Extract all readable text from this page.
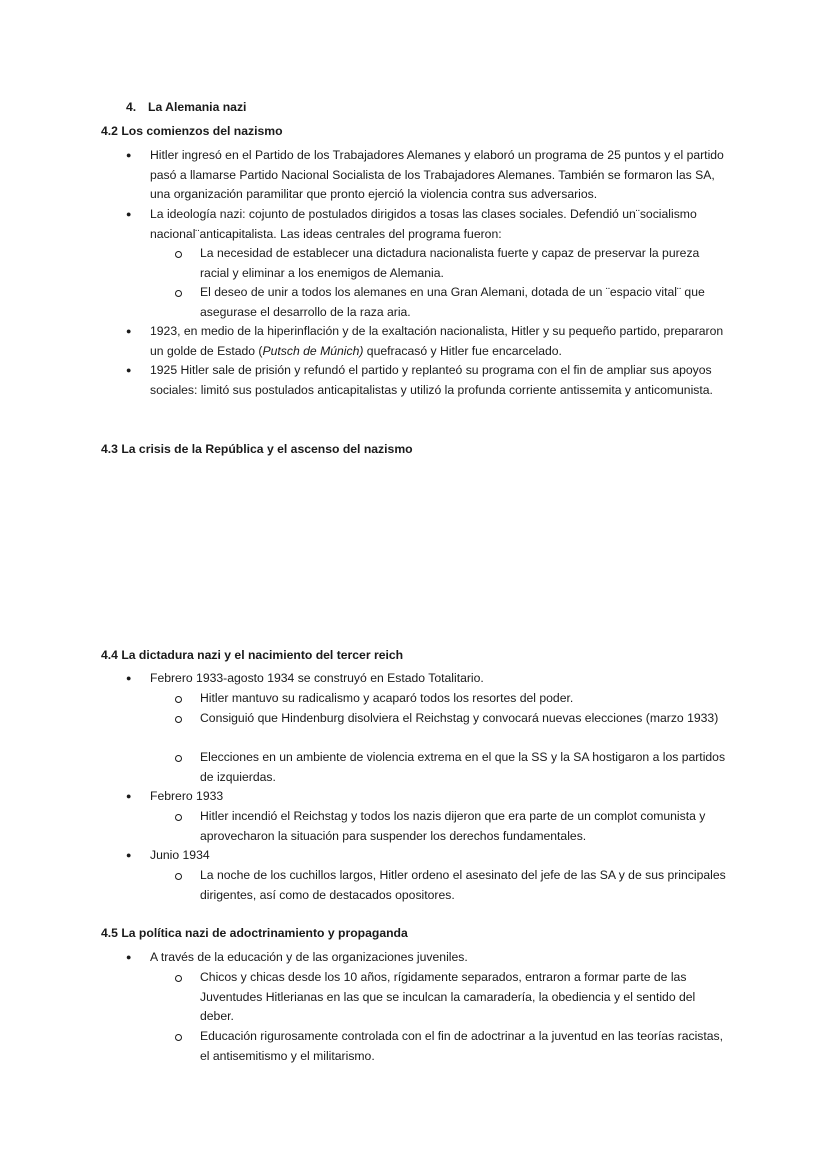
4. La Alemania nazi
4.2 Los comienzos del nazismo
● Hitler ingresó en el Partido de los Trabajadores Alemanes y elaboró un programa de 25 puntos y el partido pasó a llamarse Partido Nacional Socialista de los Trabajadores Alemanes. También se formaron las SA, una organización paramilitar que pronto ejerció la violencia contra sus adversarios.
● La ideología nazi: cojunto de postulados dirigidos a tosas las clases sociales. Defendió un¨socialismo nacional¨anticapitalista. Las ideas centrales del programa fueron:
La necesidad de establecer una dictadura nacionalista fuerte y capaz de preservar la pureza racial y eliminar a los enemigos de Alemania.
El deseo de unir a todos los alemanes en una Gran Alemani, dotada de un ¨espacio vital¨ que asegurase el desarrollo de la raza aria.
● 1923, en medio de la hiperinflación y de la exaltación nacionalista, Hitler y su pequeño partido, prepararon un golde de Estado (Putsch de Múnich) quefracasó y Hitler fue encarcelado.
● 1925 Hitler sale de prisión y refundó el partido y replanteó su programa con el fin de ampliar sus apoyos sociales: limitó sus postulados anticapitalistas y utilizó la profunda corriente antissemita y anticomunista.
4.3 La crisis de la República y el ascenso del nazismo
4.4 La dictadura nazi y el nacimiento del tercer reich
● Febrero 1933-agosto 1934 se construyó en Estado Totalitario.
Hitler mantuvo su radicalismo y acaparó todos los resortes del poder.
Consiguió que Hindenburg disolviera el Reichstag y convocará nuevas elecciones (marzo 1933)
Elecciones en un ambiente de violencia extrema en el que la SS y la SA hostigaron a los partidos de izquierdas.
● Febrero 1933
Hitler incendió el Reichstag y todos los nazis dijeron que era parte de un complot comunista y aprovecharon la situación para suspender los derechos fundamentales.
● Junio 1934
La noche de los cuchillos largos, Hitler ordeno el asesinato del jefe de las SA y de sus principales dirigentes, así como de destacados opositores.
4.5 La política nazi de adoctrinamiento y propaganda
● A través de la educación y de las organizaciones juveniles.
Chicos y chicas desde los 10 años, rígidamente separados, entraron a formar parte de las Juventudes Hitlerianas en las que se inculcan la camaradería, la obediencia y el sentido del deber.
Educación rigurosamente controlada con el fin de adoctrinar a la juventud en las teorías racistas, el antisemitismo y el militarismo.
